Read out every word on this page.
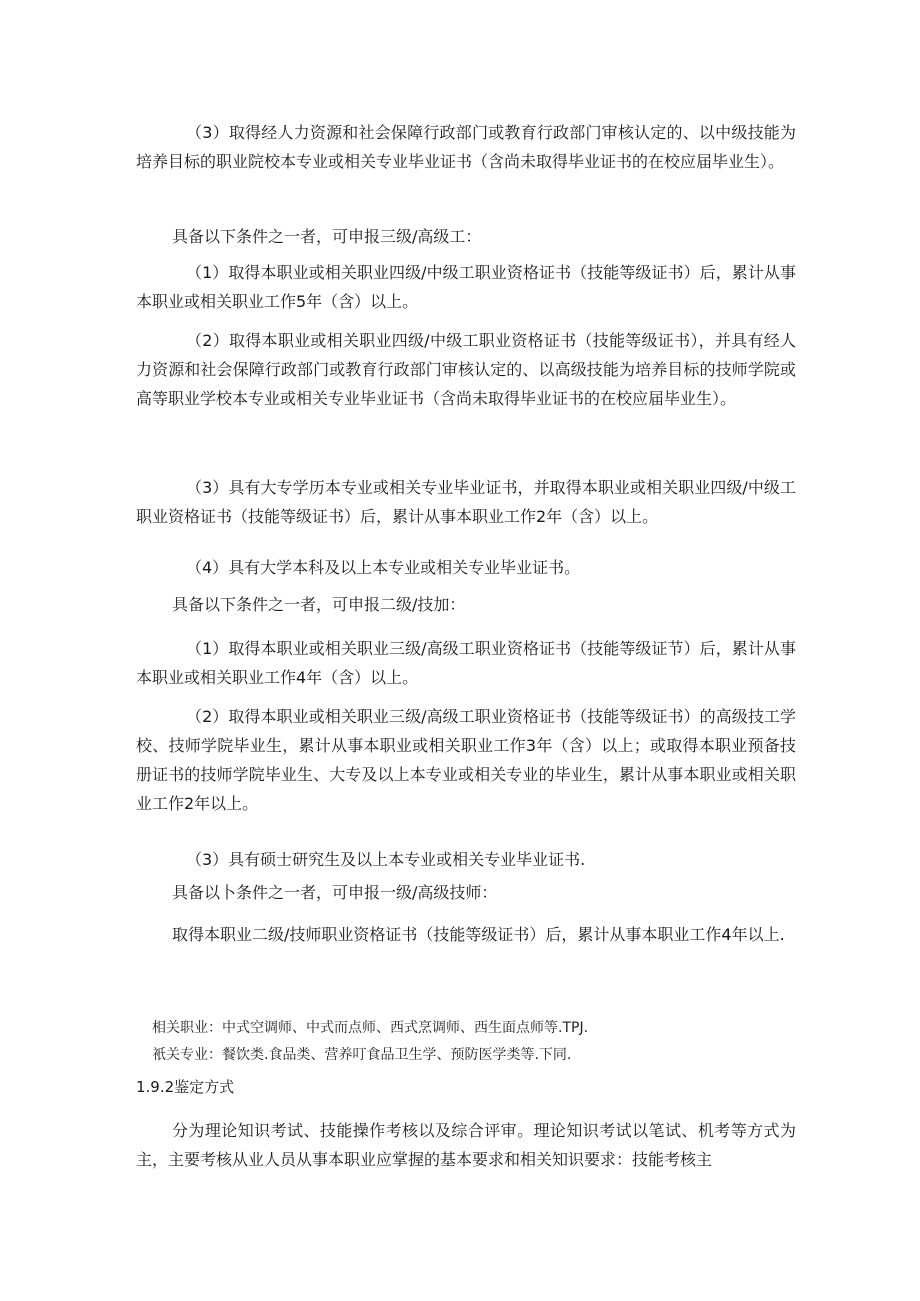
（3）取得经人力资源和社会保障行政部门或教育行政部门审核认定的、以中级技能为培养目标的职业院校本专业或相关专业毕业证书（含尚未取得毕业证书的在校应届毕业生）。

具备以下条件之一者，可申报三级/高级工：

（1）取得本职业或相关职业四级/中级工职业资格证书（技能等级证书）后，累计从事本职业或相关职业工作5年（含）以上。

（2）取得本职业或相关职业四级/中级工职业资格证书（技能等级证书），并具有经人力资源和社会保障行政部门或教育行政部门审核认定的、以高级技能为培养目标的技师学院或高等职业学校本专业或相关专业毕业证书（含尚未取得毕业证书的在校应届毕业生）。

（3）具有大专学历本专业或相关专业毕业证书，并取得本职业或相关职业四级/中级工职业资格证书（技能等级证书）后，累计从事本职业工作2年（含）以上。

（4）具有大学本科及以上本专业或相关专业毕业证书。

具备以下条件之一者，可申报二级/技加：

（1）取得本职业或相关职业三级/高级工职业资格证书（技能等级证节）后，累计从事本职业或相关职业工作4年（含）以上。

（2）取得本职业或相关职业三级/高级工职业资格证书（技能等级证书）的高级技工学校、技师学院毕业生，累计从事本职业或相关职业工作3年（含）以上；或取得本职业预备技册证书的技师学院毕业生、大专及以上本专业或相关专业的毕业生，累计从事本职业或相关职业工作2年以上。

（3）具有硕士研究生及以上本专业或相关专业毕业证书.

具备以卜条件之一者，可申报一级/高级技师：

取得本职业二级/技师职业资格证书（技能等级证书）后，累计从事本职业工作4年以上.

相关职业：中式空调师、中式而点师、西式烹调师、西生面点师等.TPJ.

衹关专业：餐饮类.食品类、营养叮食品卫生学、预防医学类等.下同.

1.9.2鉴定方式

分为理论知识考试、技能操作考核以及综合评审。理论知识考试以笔试、机考等方式为主，主要考核从业人员从事本职业应掌握的基本要求和相关知识要求：技能考核主
